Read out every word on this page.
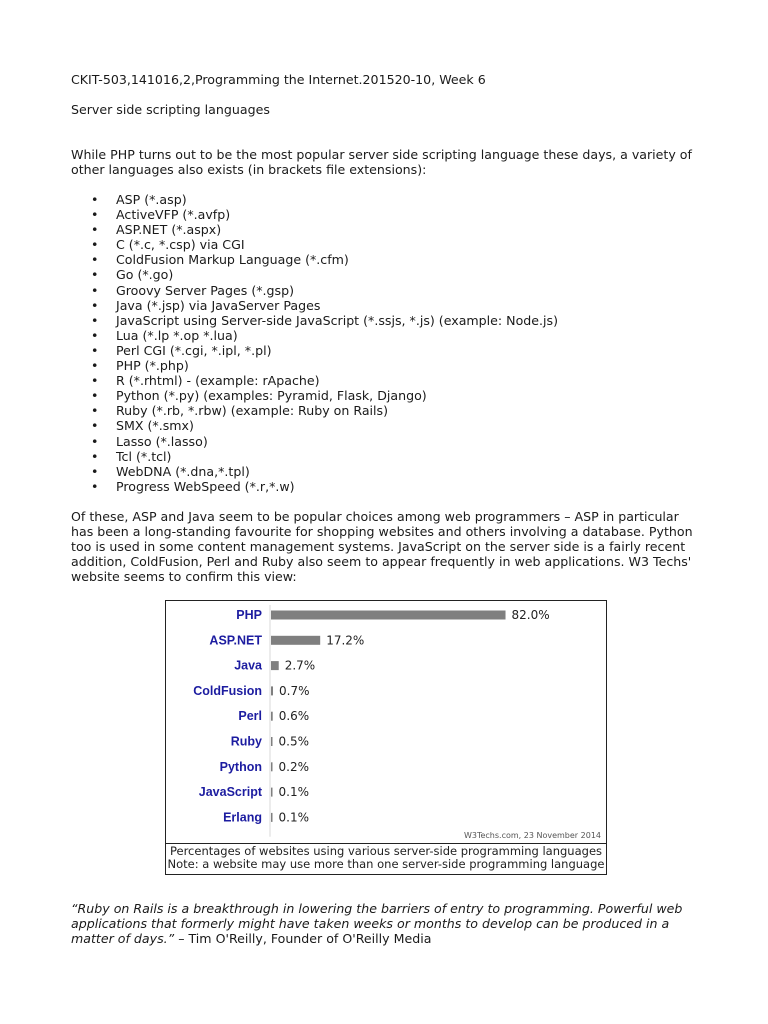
CKIT-503,141016,2,Programming the Internet.201520-10, Week 6

Server side scripting languages

While PHP turns out to be the most popular server side scripting language these days, a variety of other languages also exists (in brackets file extensions):

• ASP (*.asp)
• ActiveVFP (*.avfp)
• ASP.NET (*.aspx)
• C (*.c, *.csp) via CGI
• ColdFusion Markup Language (*.cfm)
• Go (*.go)
• Groovy Server Pages (*.gsp)
• Java (*.jsp) via JavaServer Pages
• JavaScript using Server-side JavaScript (*.ssjs, *.js) (example: Node.js)
• Lua (*.lp *.op *.lua)
• Perl CGI (*.cgi, *.ipl, *.pl)
• PHP (*.php)
• R (*.rhtml) - (example: rApache)
• Python (*.py) (examples: Pyramid, Flask, Django)
• Ruby (*.rb, *.rbw) (example: Ruby on Rails)
• SMX (*.smx)
• Lasso (*.lasso)
• Tcl (*.tcl)
• WebDNA (*.dna,*.tpl)
• Progress WebSpeed (*.r,*.w)

Of these, ASP and Java seem to be popular choices among web programmers – ASP in particular has been a long-standing favourite for shopping websites and others involving a database. Python too is used in some content management systems. JavaScript on the server side is a fairly recent addition, ColdFusion, Perl and Ruby also seem to appear frequently in web applications. W3 Techs' website seems to confirm this view:

PHP	82.0%
ASP.NET	17.2%
Java 2.7%
ColdFusion 0.7%
Perl 0.6%
Ruby 0.5%
Python 0.2%
JavaScript 0.1%
Erlang 0.1%
W3Techs.com, 23 November 2014
Percentages of websites using various server-side programming languages
Note: a website may use more than one server-side programming language

“Ruby on Rails is a breakthrough in lowering the barriers of entry to programming. Powerful web applications that formerly might have taken weeks or months to develop can be produced in a matter of days.” – Tim O'Reilly, Founder of O'Reilly Media
